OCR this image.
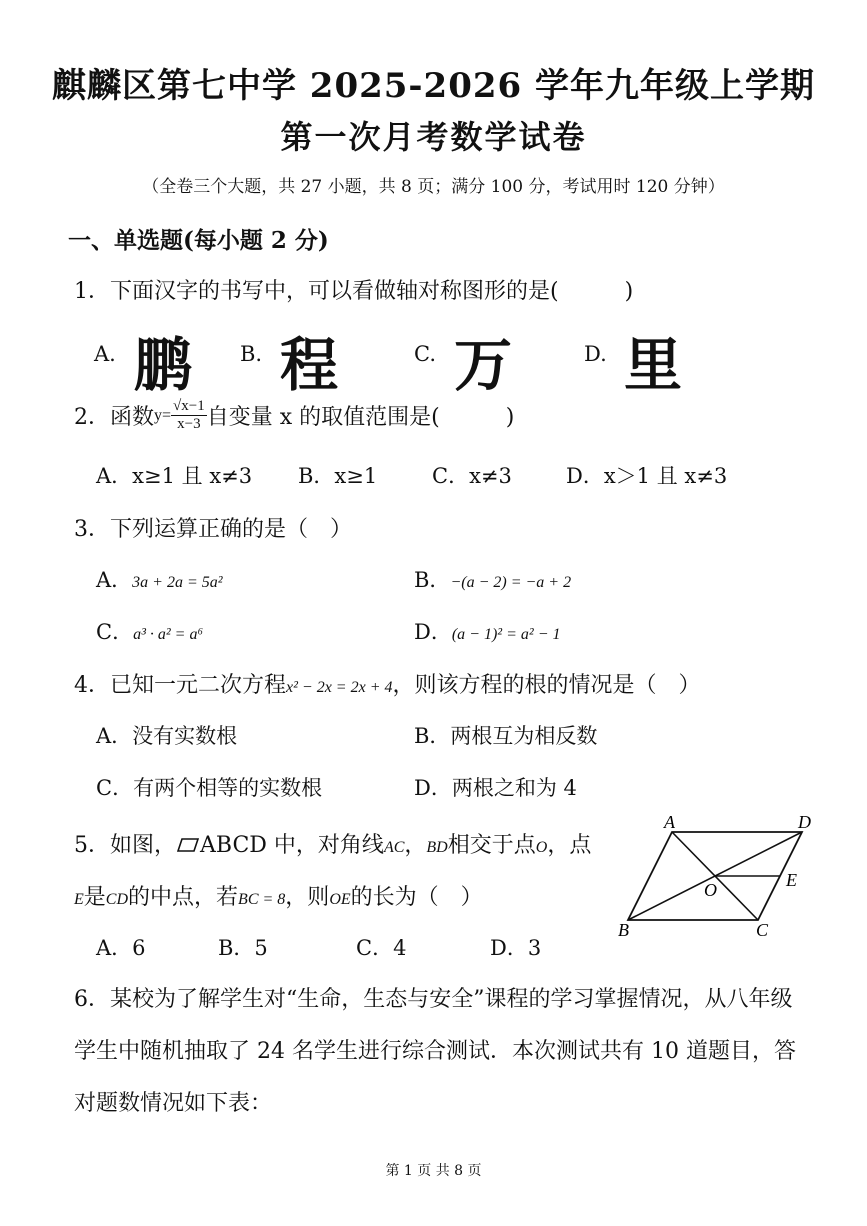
麒麟区第七中学 2025-2026 学年九年级上学期
第一次月考数学试卷
（全卷三个大题，共 27 小题，共 8 页；满分 100 分，考试用时 120 分钟）
一、单选题(每小题 2 分)
1．下面汉字的书写中，可以看做轴对称图形的是(　　　)
A. 鹏 B. 程	C. 万	D. 里
2．函数 $y= \frac{√x-1}{x-3}$ 自变量 x 的取值范围是(　　　)
A．x≥1 且 x≠3 B．x≥1	C．x≠3	D．x＞1 且 x≠3
3．下列运算正确的是（　）
A．3a + 2a = 5a²	B．−(a − 2) = −a + 2
C．a³ · a² = a⁶	D．(a − 1)² = a² − 1
4．已知一元二次方程x² − 2x = 2x + 4，则该方程的根的情况是（　）
A．没有实数根	B．两根互为相反数
C．有两个相等的实数根	D．两根之和为 4
5．如图， ABCD 中，对角线AC，BD相交于点O，点
E是CD的中点，若BC = 8，则OE的长为（　）
A．6	B．5	C．4	D．3
A	D
B	C
O	E
6．某校为了解学生对“生命，生态与安全”课程的学习掌握情况，从八年级学生中随机抽取了 24 名学生进行综合测试．本次测试共有 10 道题目，答对题数情况如下表：
第 1 页 共 8 页
